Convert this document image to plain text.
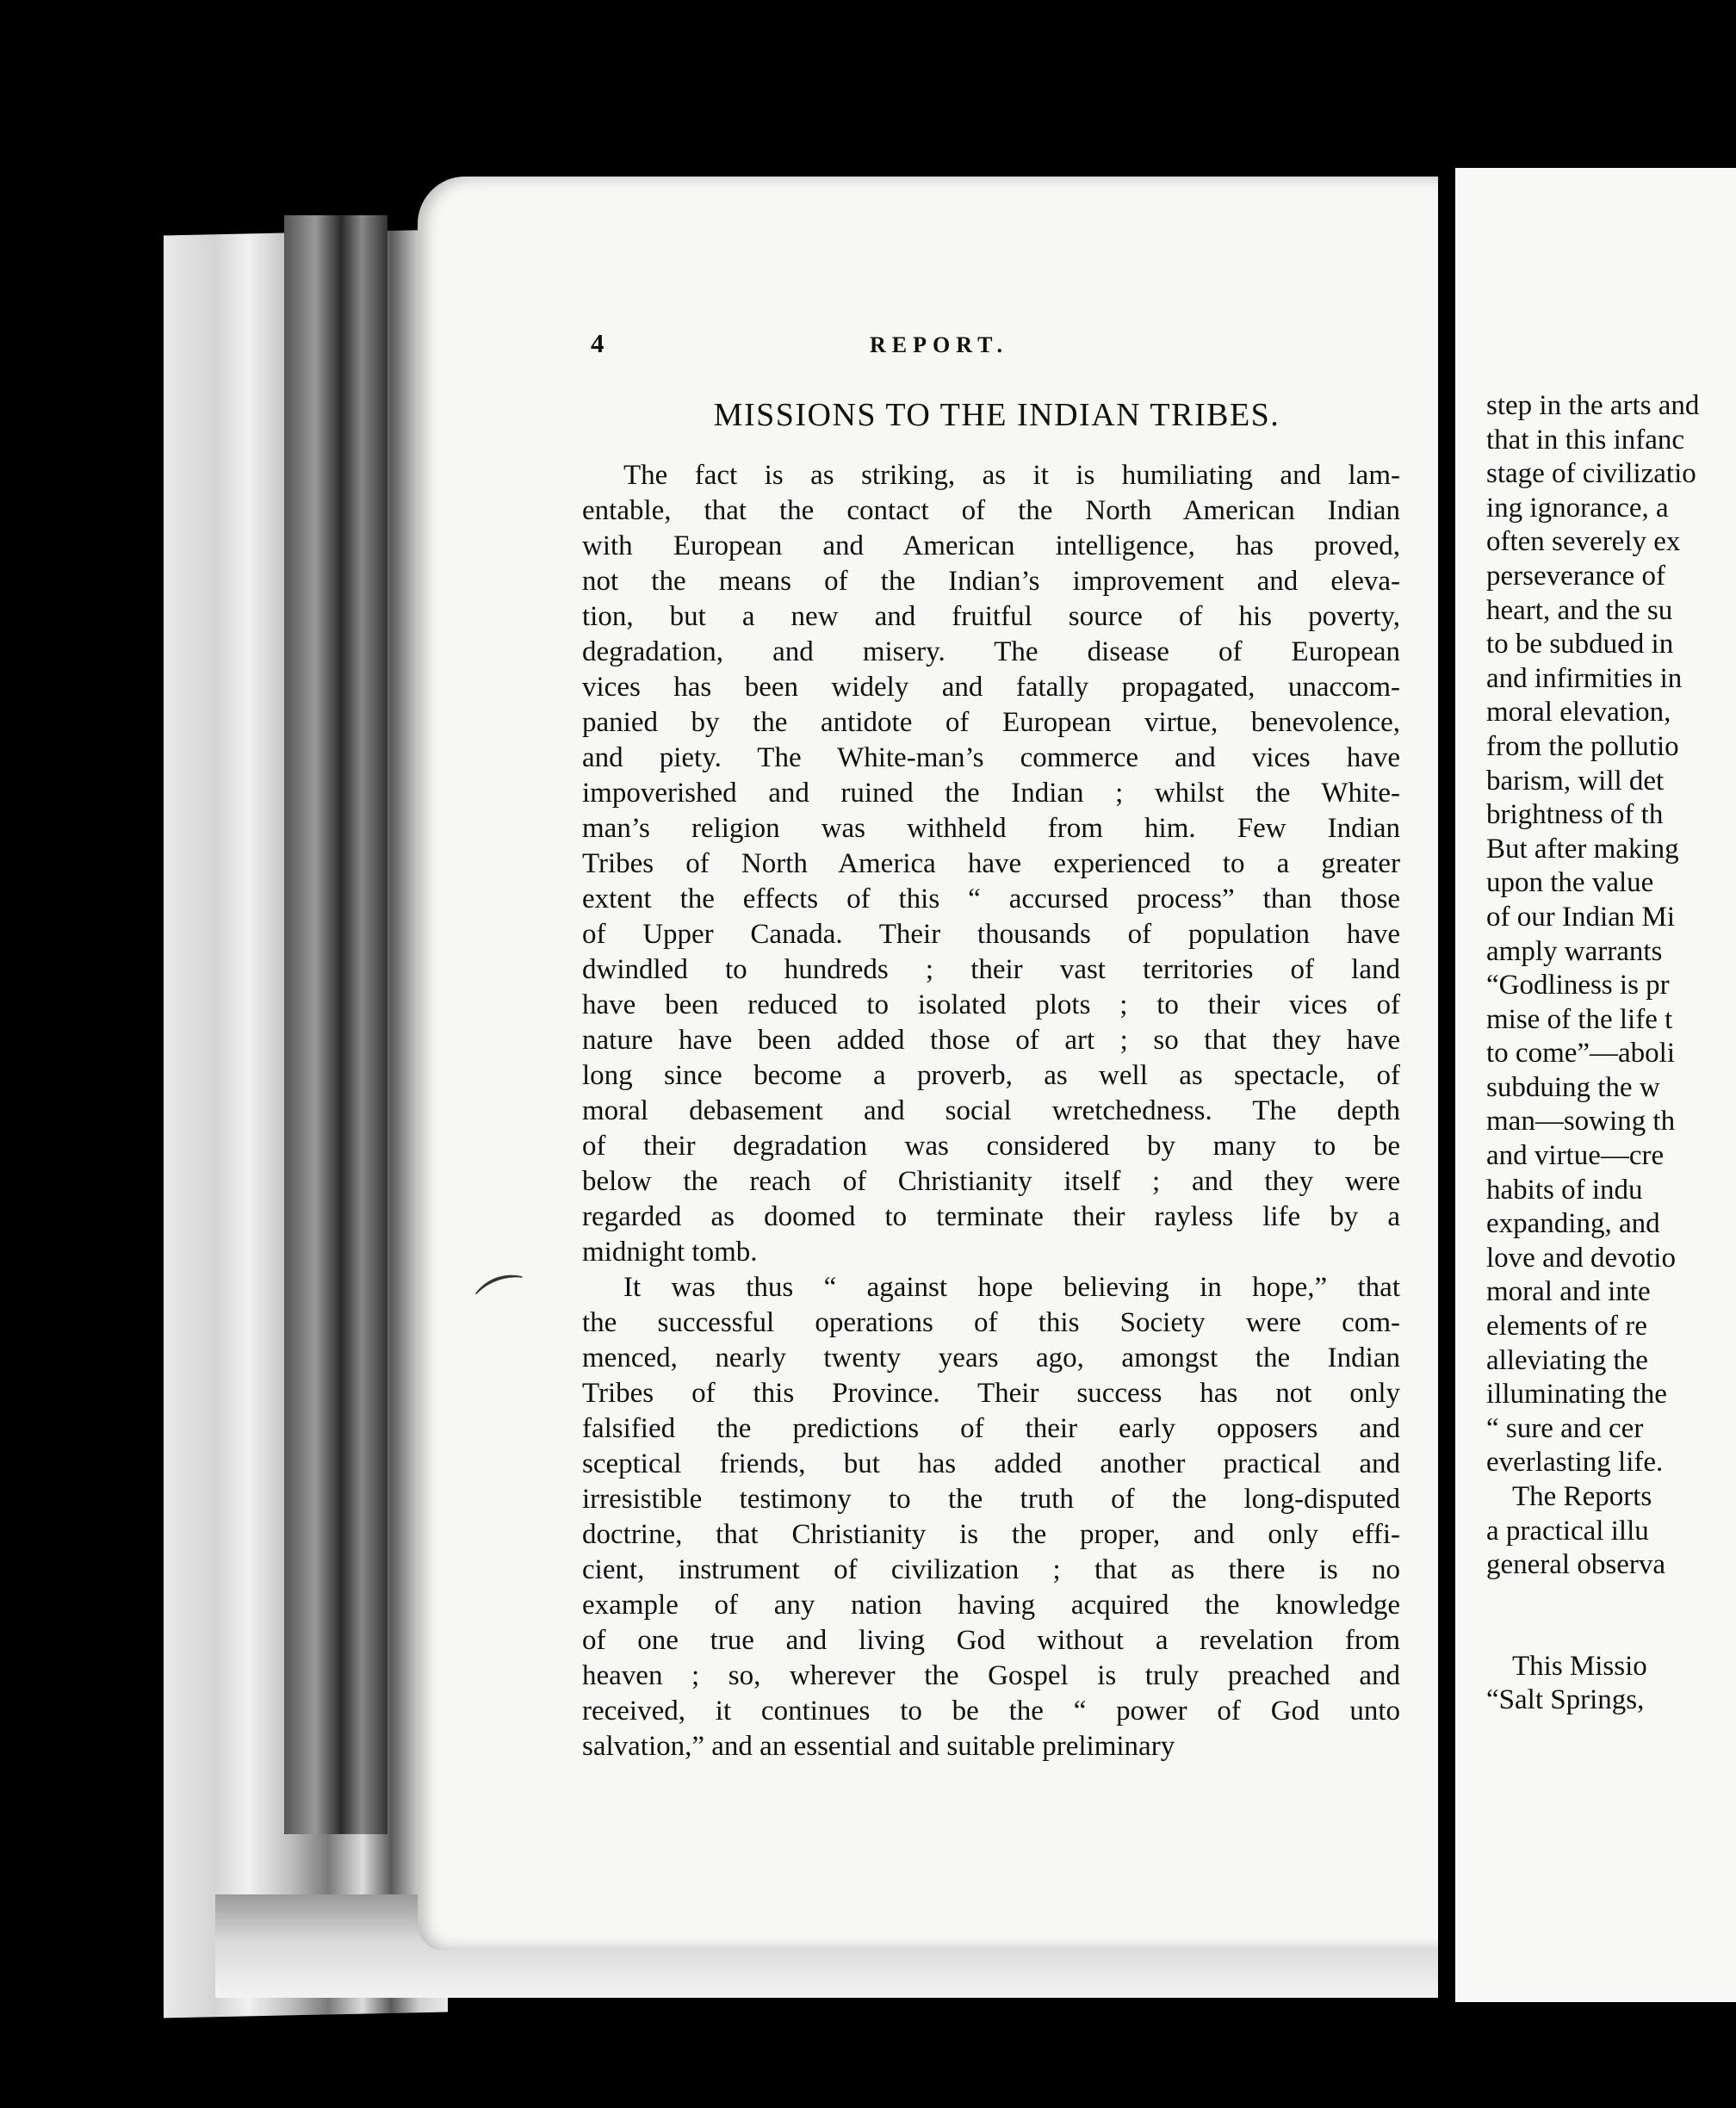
4	REPORT.
MISSIONS TO THE INDIAN TRIBES.
The fact is as striking, as it is humiliating and lam-
entable, that the contact of the North American Indian
with European and American intelligence, has proved,
not the means of the Indian’s improvement and eleva-
tion, but a new and fruitful source of his poverty,
degradation, and misery. The disease of European
vices has been widely and fatally propagated, unaccom-
panied by the antidote of European virtue, benevolence,
and piety. The White-man’s commerce and vices have
impoverished and ruined the Indian ; whilst the White-
man’s religion was withheld from him. Few Indian
Tribes of North America have experienced to a greater
extent the effects of this “ accursed process” than those
of Upper Canada. Their thousands of population have
dwindled to hundreds ; their vast territories of land
have been reduced to isolated plots ; to their vices of
nature have been added those of art ; so that they have
long since become a proverb, as well as spectacle, of
moral debasement and social wretchedness. The depth
of their degradation was considered by many to be
below the reach of Christianity itself ; and they were
regarded as doomed to terminate their rayless life by a
midnight tomb.
It was thus “ against hope believing in hope,” that
the successful operations of this Society were com-
menced, nearly twenty years ago, amongst the Indian
Tribes of this Province. Their success has not only
falsified the predictions of their early opposers and
sceptical friends, but has added another practical and
irresistible testimony to the truth of the long-disputed
doctrine, that Christianity is the proper, and only effi-
cient, instrument of civilization ; that as there is no
example of any nation having acquired the knowledge
of one true and living God without a revelation from
heaven ; so, wherever the Gospel is truly preached and
received, it continues to be the “ power of God unto
salvation,” and an essential and suitable preliminary
step in the arts and
that in this infanc
stage of civilizatio
ing ignorance, a
often severely ex
perseverance of
heart, and the su
to be subdued in
and infirmities in
moral elevation,
from the pollutio
barism, will det
brightness of th
But after making
upon the value
of our Indian Mi
amply warrants
“Godliness is pr
mise of the life t
to come”—aboli
subduing the w
man—sowing th
and virtue—cre
habits of indu
expanding, and
love and devotio
moral and inte
elements of re
alleviating the
illuminating the
“ sure and cer
everlasting life.
The Reports
a practical illu
general observa
This Missio
“Salt Springs,
⌒
